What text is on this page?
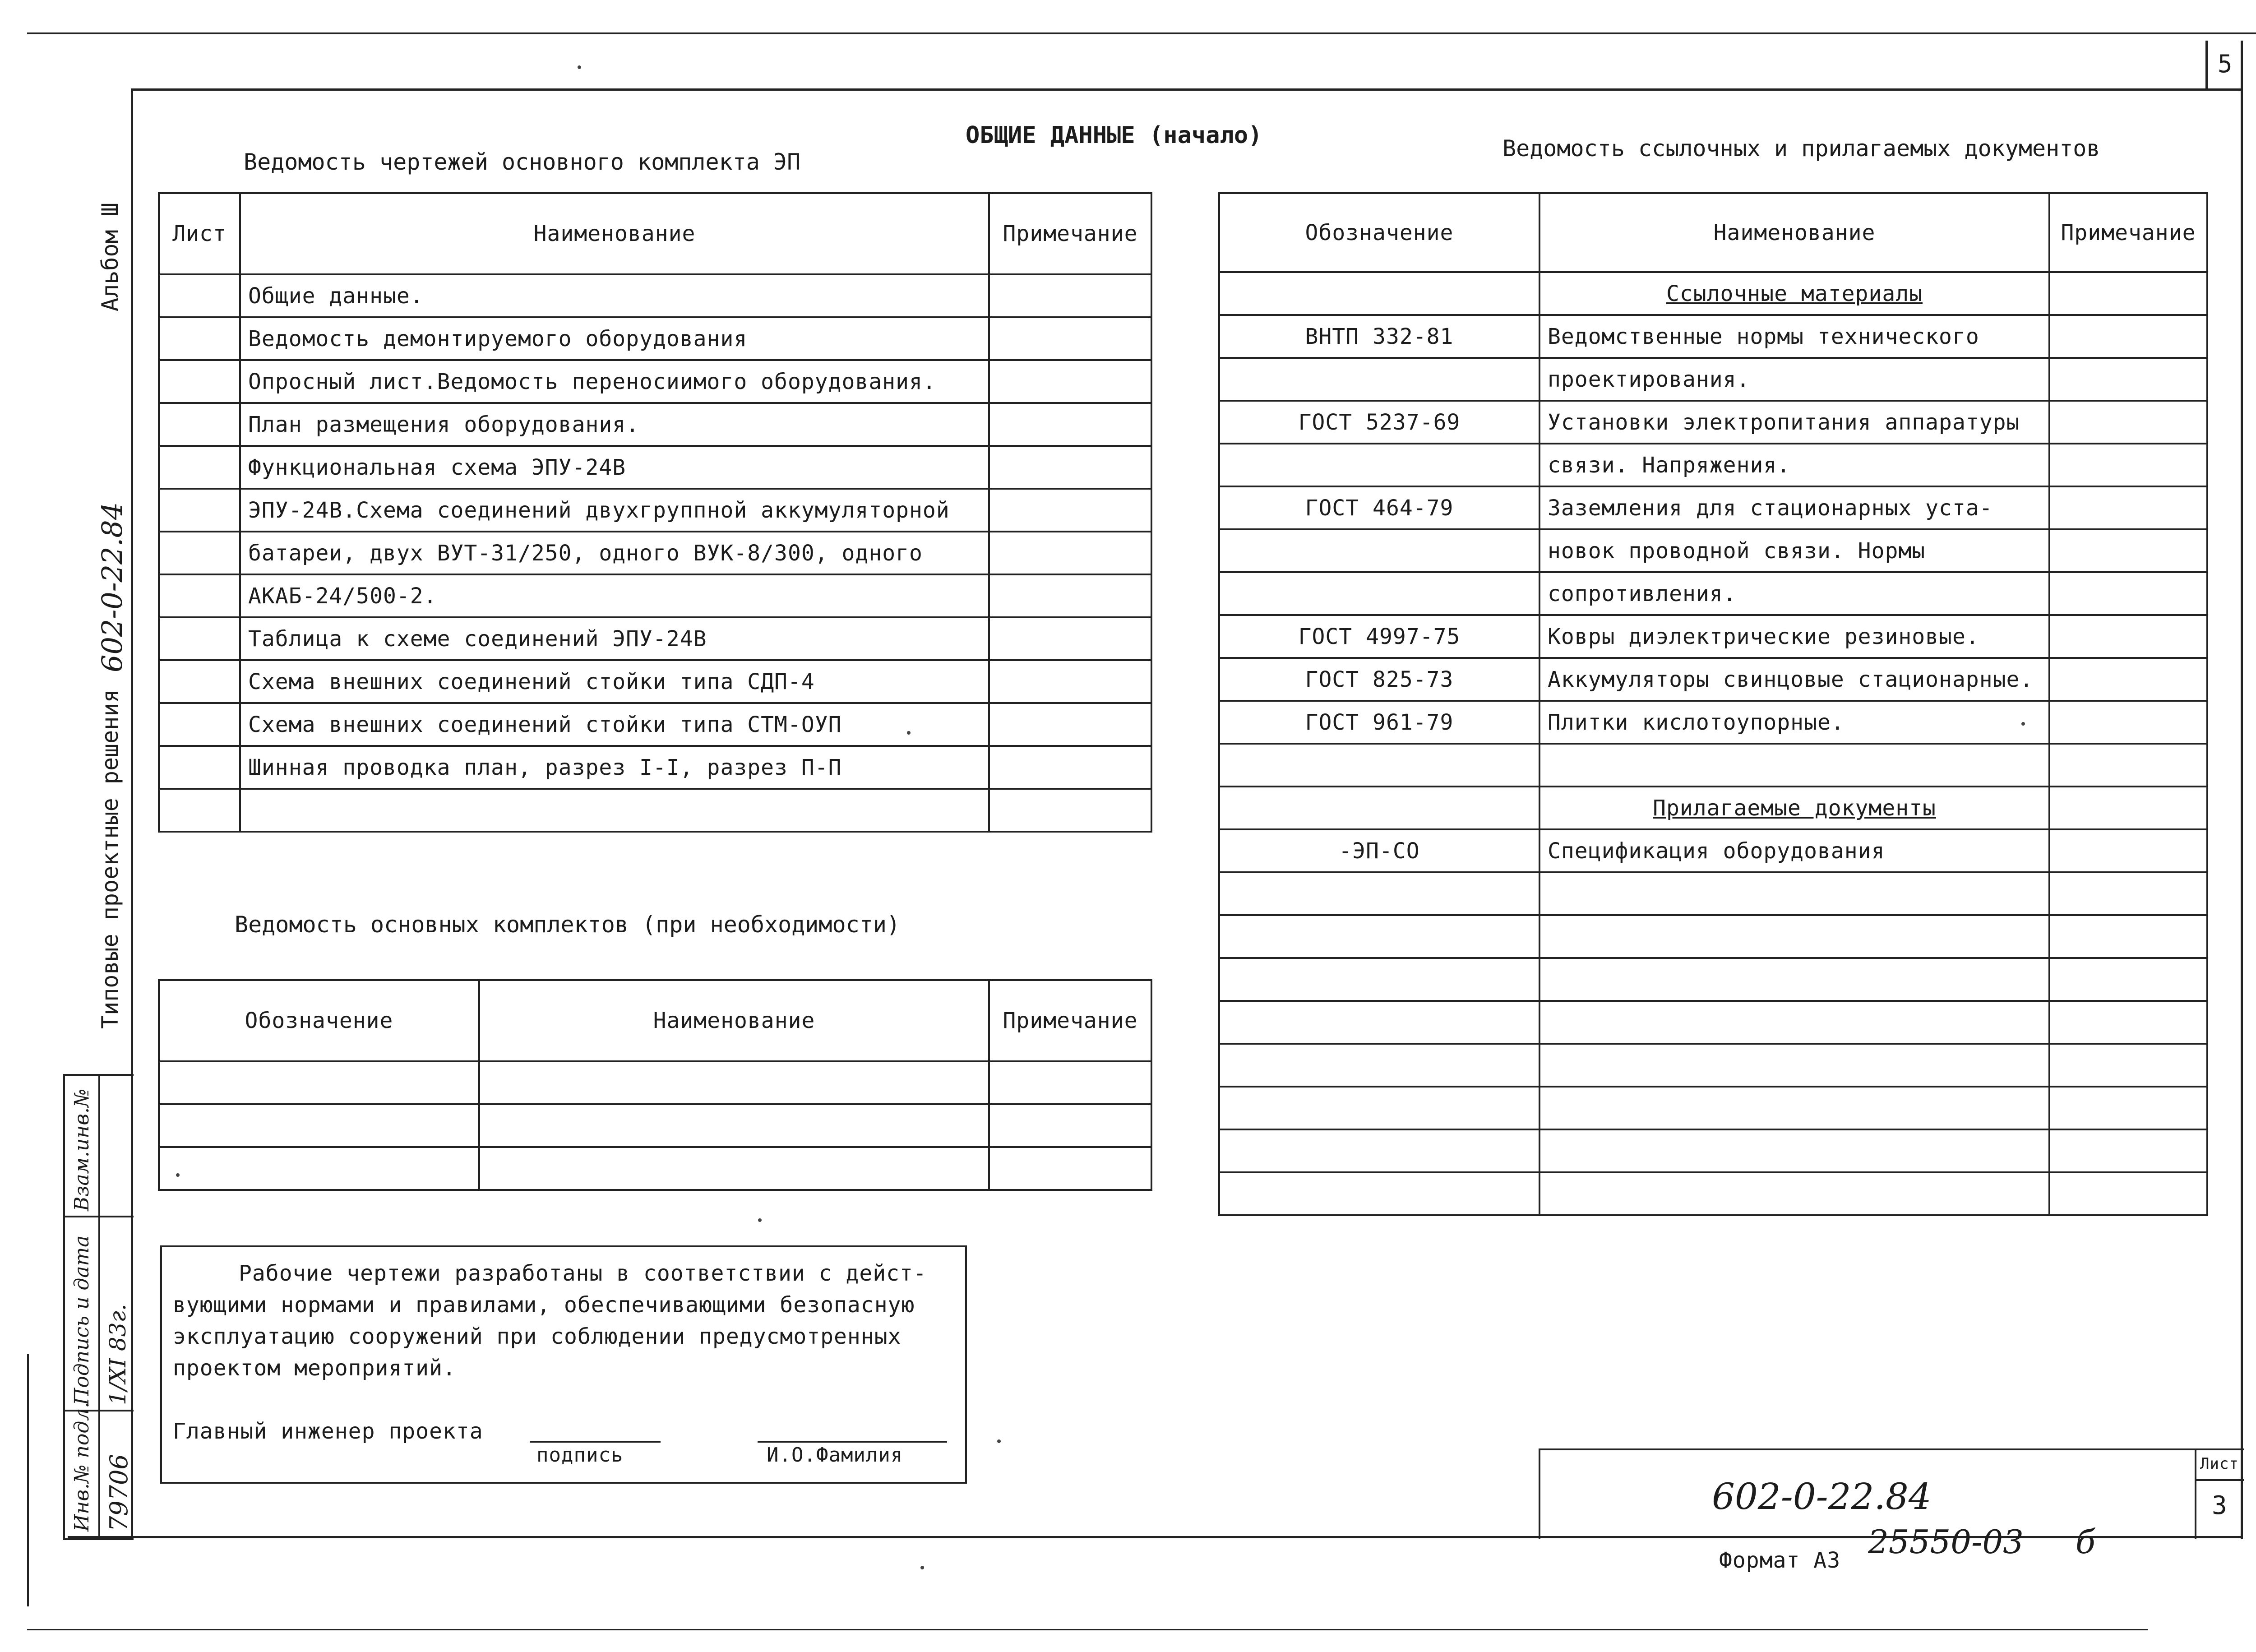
5
ОБЩИЕ ДАННЫЕ (начало)
Альбом Ш
602-0-22.84
Типовые проектные решения
Взам.инв.№
Подпись и дата 1/XI 83г.
Инв.№ подл. 79706
Ведомость чертежей основного комплекта ЭП
Лист	Наименование	Примечание
	Общие данные.	
	Ведомость демонтируемого оборудования	
	Опросный лист.Ведомость переносиимого оборудования.	
	План размещения оборудования.	
	Функциональная схема ЭПУ-24В	
	ЭПУ-24В.Схема соединений двухгруппной аккумуляторной	
	батареи, двух ВУТ-31/250, одного ВУК-8/300, одного	
	АКАБ-24/500-2.	
	Таблица к схеме соединений ЭПУ-24В	
	Схема внешних соединений стойки типа СДП-4	
	Схема внешних соединений стойки типа СТМ-ОУП	
	Шинная проводка план, разрез I-I, разрез П-П	

Ведомость основных комплектов (при необходимости)
Обозначение	Наименование	Примечание

Рабочие чертежи разработаны в соответствии с дейст-
вующими нормами и правилами, обеспечивающими безопасную
эксплуатацию сооружений при соблюдении предусмотренных
проектом мероприятий.
Главный инженер проекта
подпись	И.О.Фамилия
Ведомость ссылочных и прилагаемых документов
Обозначение	Наименование	Примечание
	Ссылочные материалы	
ВНТП 332-81	Ведомственные нормы технического	
	проектирования.	
ГОСТ 5237-69	Установки электропитания аппаратуры	
	связи. Напряжения.	
ГОСТ 464-79	Заземления для стационарных уста-	
	новок проводной связи. Нормы	
	сопротивления.	
ГОСТ 4997-75	Ковры диэлектрические резиновые.	
ГОСТ 825-73	Аккумуляторы свинцовые стационарные.	
ГОСТ 961-79	Плитки кислотоупорные.	

	Прилагаемые документы	
-ЭП-СО	Спецификация оборудования	

602-0-22.84
Лист
3
Формат А3 25550-03 б
